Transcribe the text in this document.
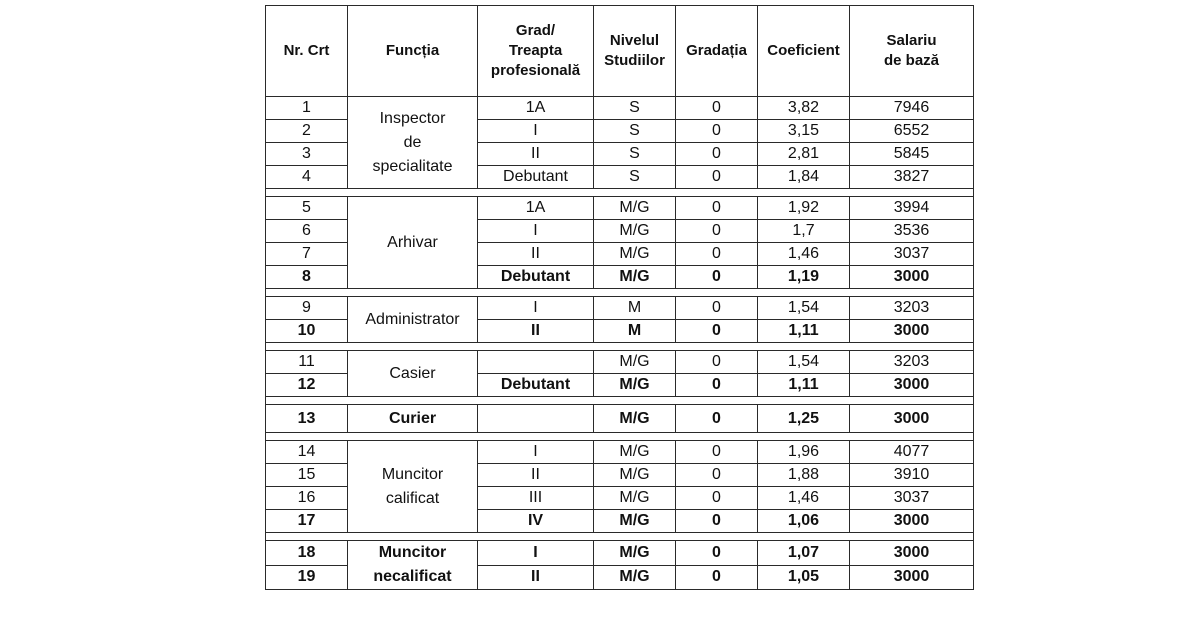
Nr. Crt	Funcția	Grad/
Treapta
profesională	Nivelul
Studiilor	Gradația	Coeficient	Salariu
de bază
1	Inspector
de
specialitate	1A	S	0	3,82	7946
2		I	S	0	3,15	6552
3		II	S	0	2,81	5845
4		Debutant	S	0	1,84	3827

5	Arhivar	1A	M/G	0	1,92	3994
6		I	M/G	0	1,7	3536
7		II	M/G	0	1,46	3037
8		Debutant	M/G	0	1,19	3000

9	Administrator	I	M	0	1,54	3203
10		II	M	0	1,11	3000

11	Casier		M/G	0	1,54	3203
12		Debutant	M/G	0	1,11	3000

13	Curier		M/G	0	1,25	3000

14	Muncitor
calificat	I	M/G	0	1,96	4077
15		II	M/G	0	1,88	3910
16		III	M/G	0	1,46	3037
17		IV	M/G	0	1,06	3000

18	Muncitor
necalificat	I	M/G	0	1,07	3000
19		II	M/G	0	1,05	3000
